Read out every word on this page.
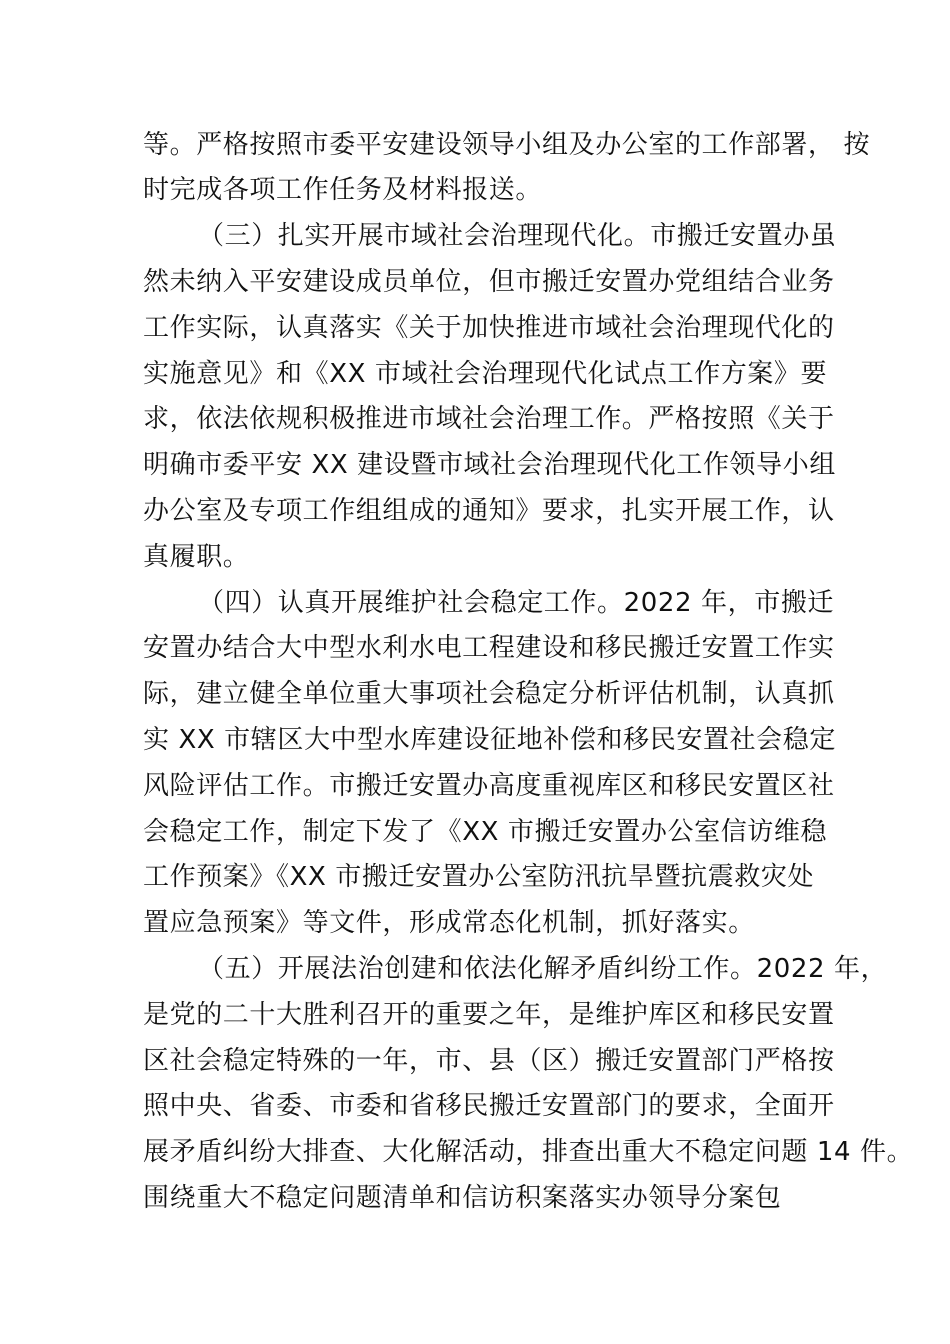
等。严格按照市委平安建设领导小组及办公室的工作部署， 按
时完成各项工作任务及材料报送。
（三）扎实开展市域社会治理现代化。市搬迁安置办虽
然未纳入平安建设成员单位，但市搬迁安置办党组结合业务
工作实际，认真落实《关于加快推进市域社会治理现代化的
实施意见》和《XX 市域社会治理现代化试点工作方案》要
求，依法依规积极推进市域社会治理工作。严格按照《关于
明确市委平安 XX 建设暨市域社会治理现代化工作领导小组
办公室及专项工作组组成的通知》要求，扎实开展工作，认
真履职。
（四）认真开展维护社会稳定工作。2022 年，市搬迁
安置办结合大中型水利水电工程建设和移民搬迁安置工作实
际，建立健全单位重大事项社会稳定分析评估机制，认真抓
实 XX 市辖区大中型水库建设征地补偿和移民安置社会稳定
风险评估工作。市搬迁安置办高度重视库区和移民安置区社
会稳定工作，制定下发了《XX 市搬迁安置办公室信访维稳
工作预案》《XX 市搬迁安置办公室防汛抗旱暨抗震救灾处
置应急预案》等文件，形成常态化机制，抓好落实。
（五）开展法治创建和依法化解矛盾纠纷工作。2022 年，
是党的二十大胜利召开的重要之年，是维护库区和移民安置
区社会稳定特殊的一年，市、县（区）搬迁安置部门严格按
照中央、省委、市委和省移民搬迁安置部门的要求，全面开
展矛盾纠纷大排查、大化解活动，排查出重大不稳定问题 14 件。
围绕重大不稳定问题清单和信访积案落实办领导分案包
